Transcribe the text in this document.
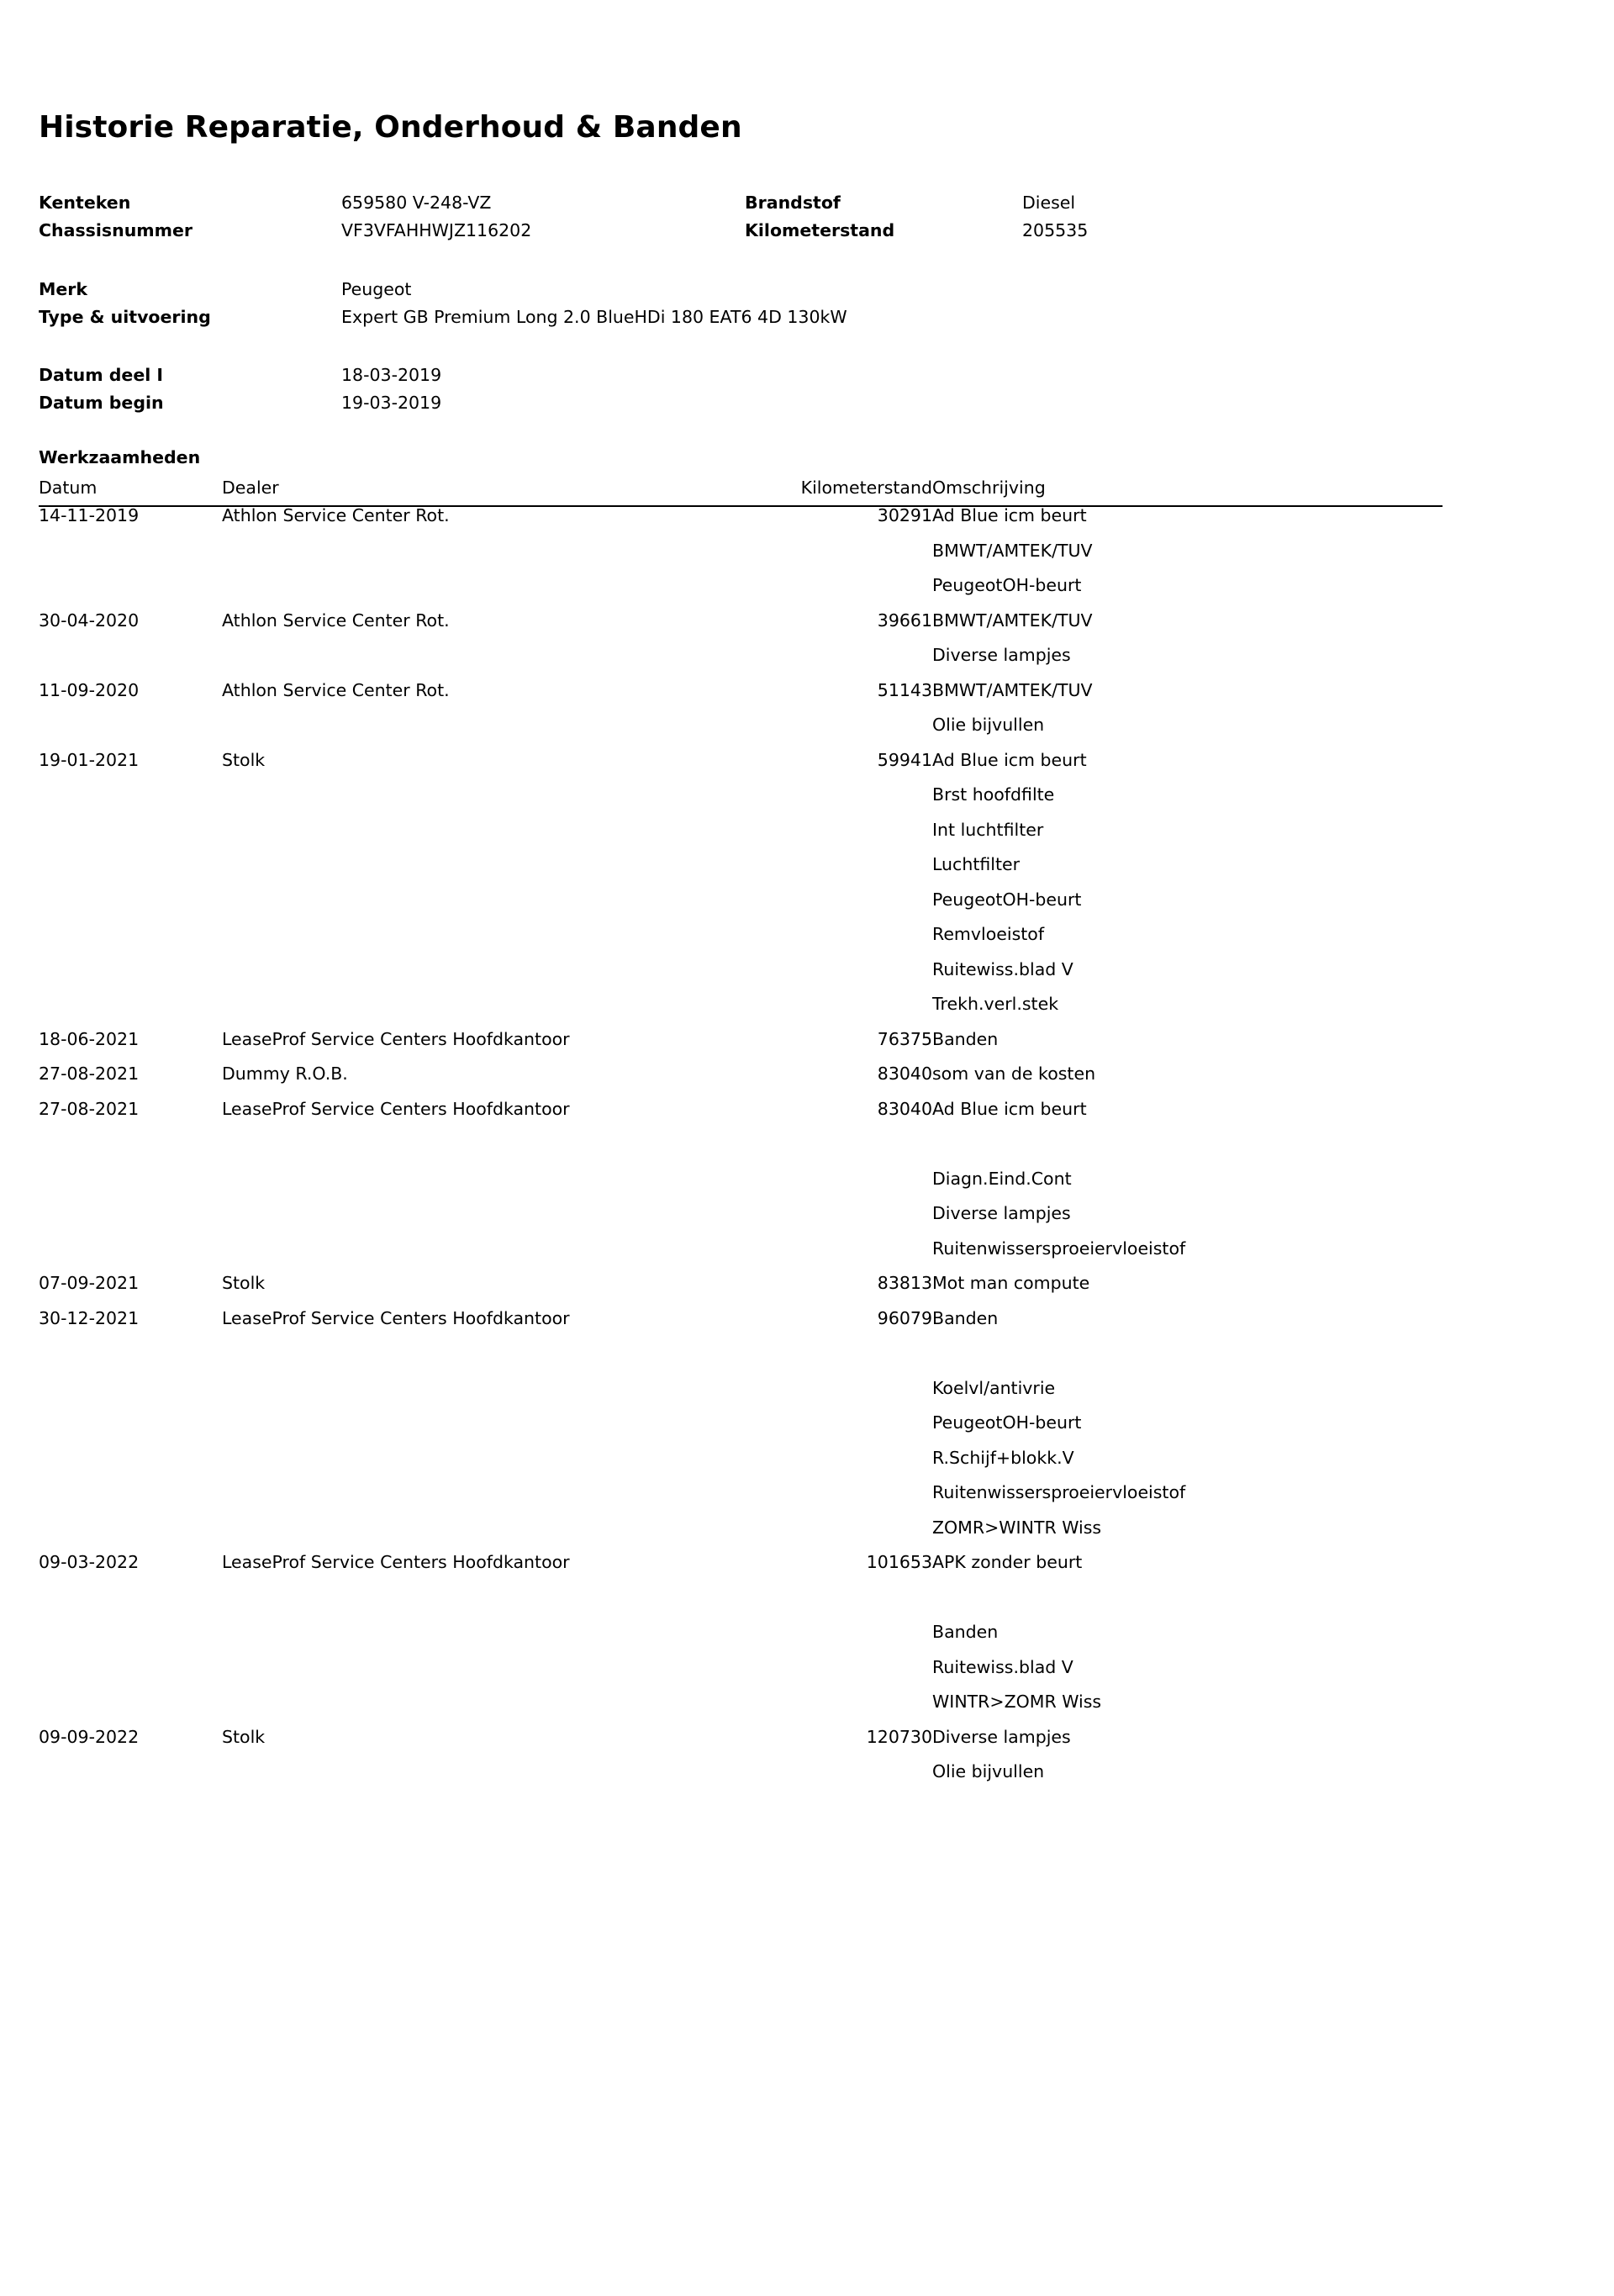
Historie Reparatie, Onderhoud & Banden
Kenteken	659580 V-248-VZ	Brandstof	Diesel
Chassisnummer	VF3VFAHHWJZ116202	Kilometerstand	205535
Merk	Peugeot
Type & uitvoering	Expert GB Premium Long 2.0 BlueHDi 180 EAT6 4D 130kW
Datum deel I	18-03-2019
Datum begin	19-03-2019
Werkzaamheden
Datum	Dealer	Kilometerstand	Omschrijving
14-11-2019	Athlon Service Center Rot.	30291	Ad Blue icm beurt
BMWT/AMTEK/TUV
PeugeotOH-beurt

30-04-2020	Athlon Service Center Rot.	39661	BMWT/AMTEK/TUV
Diverse lampjes

11-09-2020	Athlon Service Center Rot.	51143	BMWT/AMTEK/TUV
Olie bijvullen

19-01-2021	Stolk	59941	Ad Blue icm beurt
Brst hoofdfilte
Int luchtfilter
Luchtfilter
PeugeotOH-beurt
Remvloeistof
Ruitewiss.blad V
Trekh.verl.stek

18-06-2021	LeaseProf Service Centers Hoofdkantoor	76375	Banden

27-08-2021	Dummy R.O.B.	83040	som van de kosten

27-08-2021	LeaseProf Service Centers Hoofdkantoor	83040	Ad Blue icm beurt

Diagn.Eind.Cont
Diverse lampjes
Ruitenwissersproeiervloeistof

07-09-2021	Stolk	83813	Mot man compute

30-12-2021	LeaseProf Service Centers Hoofdkantoor	96079	Banden

Koelvl/antivrie
PeugeotOH-beurt
R.Schijf+blokk.V
Ruitenwissersproeiervloeistof
ZOMR>WINTR Wiss

09-03-2022	LeaseProf Service Centers Hoofdkantoor	101653	APK zonder beurt

Banden
Ruitewiss.blad V
WINTR>ZOMR Wiss

09-09-2022	Stolk	120730	Diverse lampjes
Olie bijvullen
